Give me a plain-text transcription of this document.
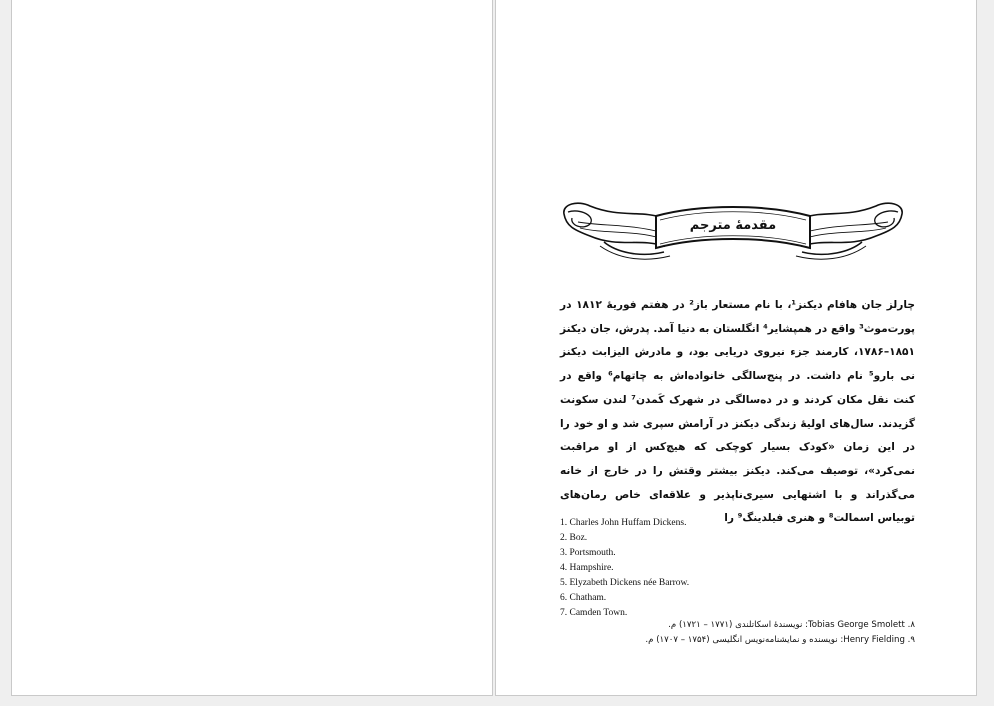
مقدمهٔ مترجم

چارلز جان هافام دیکنز¹، با نام مستعار باز² در هفتم فوریهٔ ۱۸۱۲ در پورت‌موث³ واقع در همپشایر⁴ انگلستان به دنیا آمد. پدرش، جان دیکنز ۱۸۵۱–۱۷۸۶، کارمند جزء نیروی دریایی بود، و مادرش الیزابت دیکنز نی بارو⁵ نام داشت. در پنج‌سالگی خانواده‌اش به چاتهام⁶ واقع در کنت نقل مکان کردند و در ده‌سالگی در شهرک کَمدن⁷ لندن سکونت گزیدند. سال‌های اولیهٔ زندگی دیکنز در آرامش سپری شد و او خود را در این زمان «کودک بسیار کوچکی که هیچ‌کس از او مراقبت نمی‌کرد»، توصیف می‌کند. دیکنز بیشتر وقتش را در خارج از خانه می‌گذراند و با اشتهایی سیری‌ناپذیر و علاقه‌ای خاص رمان‌های توبیاس اسمالت⁸ و هنری فیلدینگ⁹ را

1. Charles John Huffam Dickens.
2. Boz.
3. Portsmouth.
4. Hampshire.
5. Elyzabeth Dickens née Barrow.
6. Chatham.
7. Camden Town.
۸. Tobias George Smolett: نویسندهٔ اسکاتلندی (۱۷۷۱ – ۱۷۲۱) م.
۹. Henry Fielding: نویسنده و نمایشنامه‌نویس انگلیسی (۱۷۵۴ – ۱۷۰۷) م.
